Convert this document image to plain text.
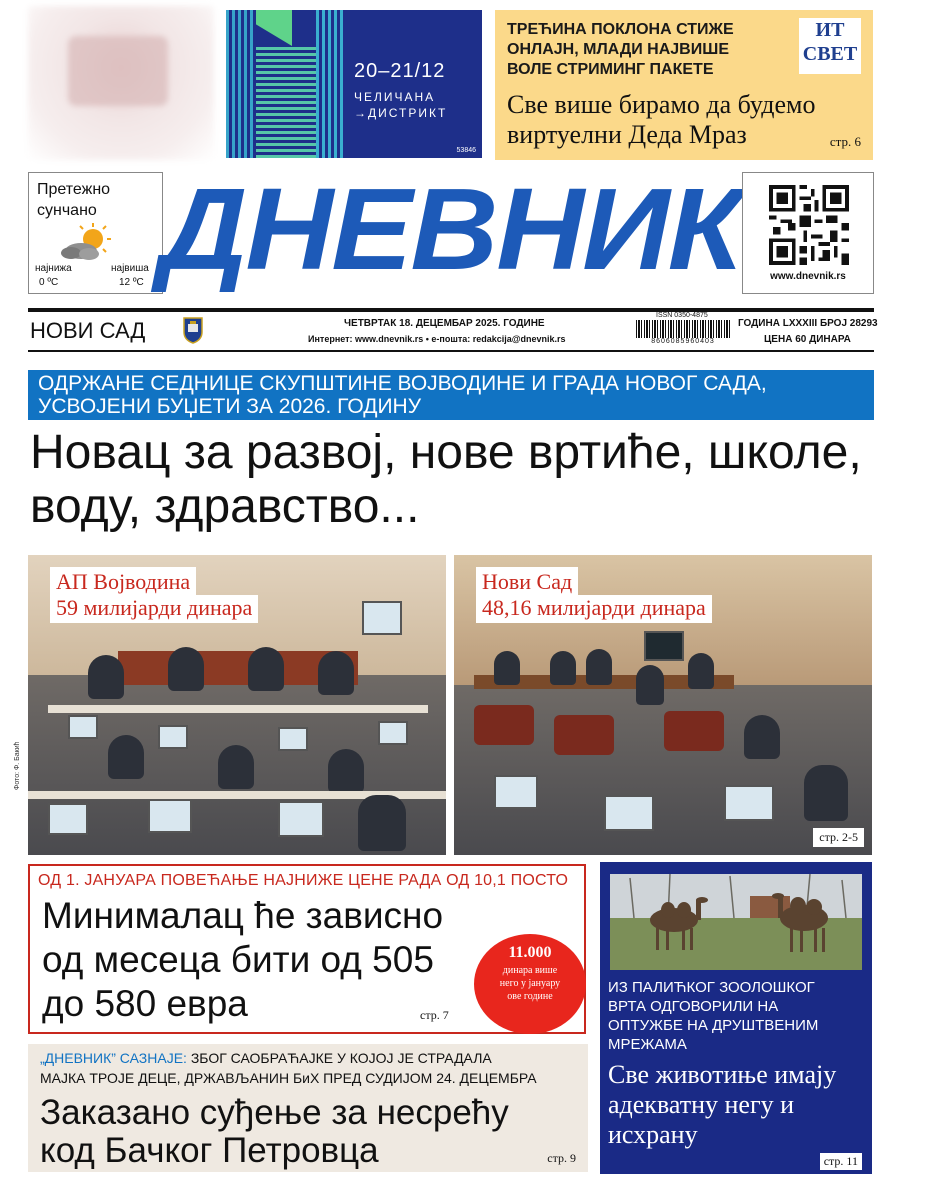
20–21/12
ЧЕЛИЧАНА
→ДИСТРИКТ
53846
ТРЕЋИНА ПОКЛОНА СТИЖЕ ОНЛАЈН, МЛАДИ НАЈВИШЕ ВОЛЕ СТРИМИНГ ПАКЕТЕ
ИТ
СВЕТ
Све више бирамо да будемо виртуелни Деда Мраз	стр. 6
Претежно сунчано
најнижа	највиша
0 ºC	12 ºC ДНЕВНИК	www.dnevnik.rs
НОВИ САД	ЧЕТВРТАК 18. ДЕЦЕМБАР 2025. ГОДИНЕ
Интернет: www.dnevnik.rs • е-пошта: redakcija@dnevnik.rs
ISSN 0350-4875
8606085960403
ГОДИНА LXXXIII БРОЈ 28293
ЦЕНА 60 ДИНАРА
ОДРЖАНЕ СЕДНИЦЕ СКУПШТИНЕ ВОЈВОДИНЕ И ГРАДА НОВОГ САДА, УСВОЈЕНИ БУЏЕТИ ЗА 2026. ГОДИНУ
Новац за развој, нове вртиће, школе, воду, здравство...
АП Војводина
59 милијарди динара
Фото: Ф. Бакић
Нови Сад
48,16 милијарди динара
стр. 2-5
ОД 1. ЈАНУАРА ПОВЕЋАЊЕ НАЈНИЖЕ ЦЕНЕ РАДА ОД 10,1 ПОСТО
Минималац ће зависно од месеца бити од 505 до 580 евра	стр. 7
11.000
динара више него у јануару ове године
ИЗ ПАЛИЋКОГ ЗООЛОШКОГ ВРТА ОДГОВОРИЛИ НА ОПТУЖБЕ НА ДРУШТВЕНИМ МРЕЖАМА
Све животиње имају адекватну негу и исхрану
стр. 11
„ДНЕВНИК” САЗНАЈЕ: ЗБОГ САОБРАЋАЈКЕ У КОЈОЈ ЈЕ СТРАДАЛА
МАЈКА ТРОЈЕ ДЕЦЕ, ДРЖАВЉАНИН БиХ ПРЕД СУДИЈОМ 24. ДЕЦЕМБРА
Заказано суђење за несрећу код Бачког Петровца	стр. 9
